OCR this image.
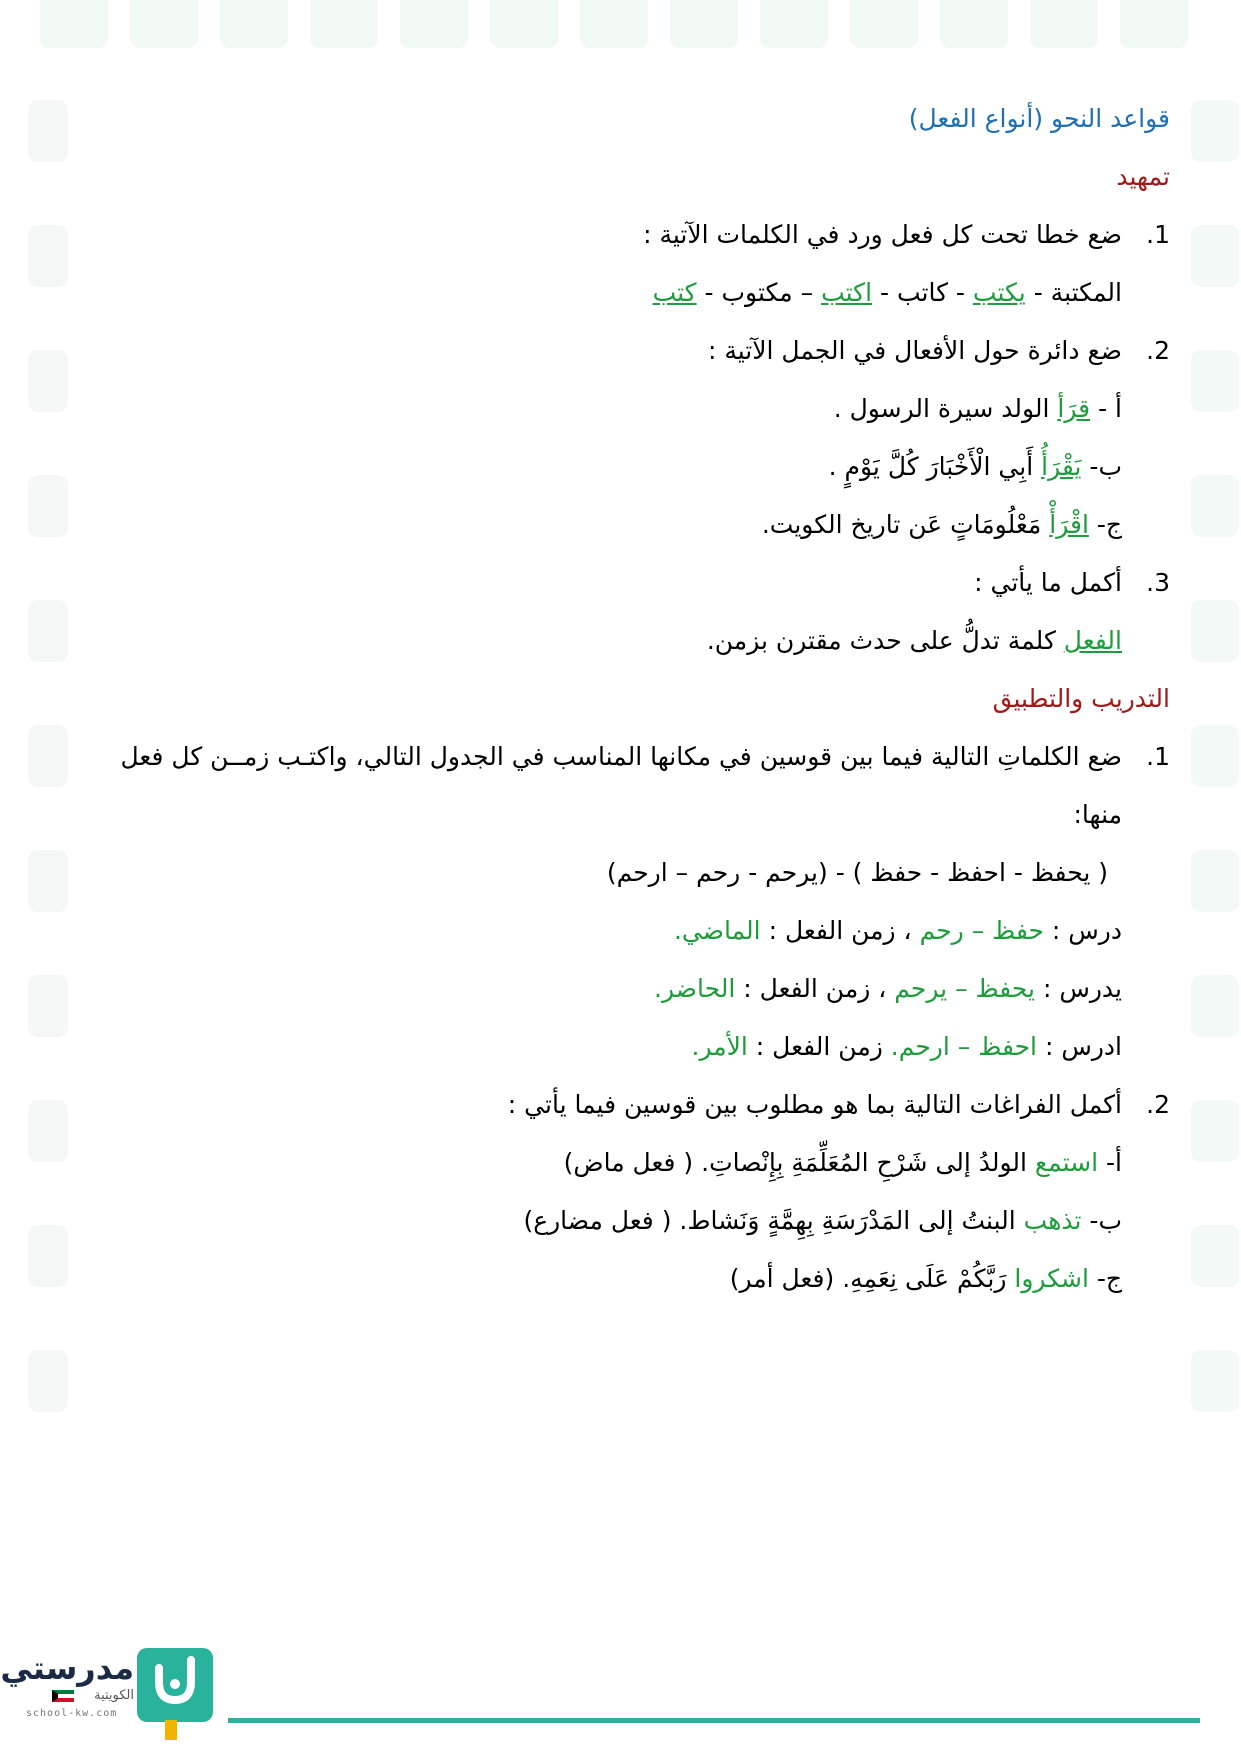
قواعد النحو (أنواع الفعل)
تمهيد
1.ضع خطا تحت كل فعل ورد في الكلمات الآتية :
المكتبة - يكتب - كاتب - اكتب – مكتوب - كتب
2.ضع دائرة حول الأفعال في الجمل الآتية :
أ - قرَأ الولد سيرة الرسول .
ب- يَقْرَأُ أَبِي الْأَخْبَارَ كُلَّ يَوْمٍ .
ج- اقْرَأْ مَعْلُومَاتٍ عَن تاريخ الكويت.
3.أكمل ما يأتي :
الفعل كلمة تدلُّ على حدث مقترن بزمن.
التدريب والتطبيق
1.ضع الكلماتِ التالية فيما بين قوسين في مكانها المناسب في الجدول التالي، واكتـب زمــن كل فعل
منها:
( يحفظ - احفظ - حفظ ) - (يرحم - رحم – ارحم)
درس : حفظ – رحم ، زمن الفعل : الماضي.
يدرس : يحفظ – يرحم ، زمن الفعل : الحاضر.
ادرس : احفظ – ارحم. زمن الفعل : الأمر.
2.أكمل الفراغات التالية بما هو مطلوب بين قوسين فيما يأتي :
أ- استمع الولدُ إلى شَرْحِ المُعَلِّمَةِ بِإِنْصاتِ. ( فعل ماض)
ب- تذهب البنتُ إلى المَدْرَسَةِ بِهِمَّةٍ وَنَشاط. ( فعل مضارع)
ج- اشكروا رَبَّكُمْ عَلَى نِعَمِهِ. (فعل أمر)
مدرستي
الكويتية
school-kw.com
